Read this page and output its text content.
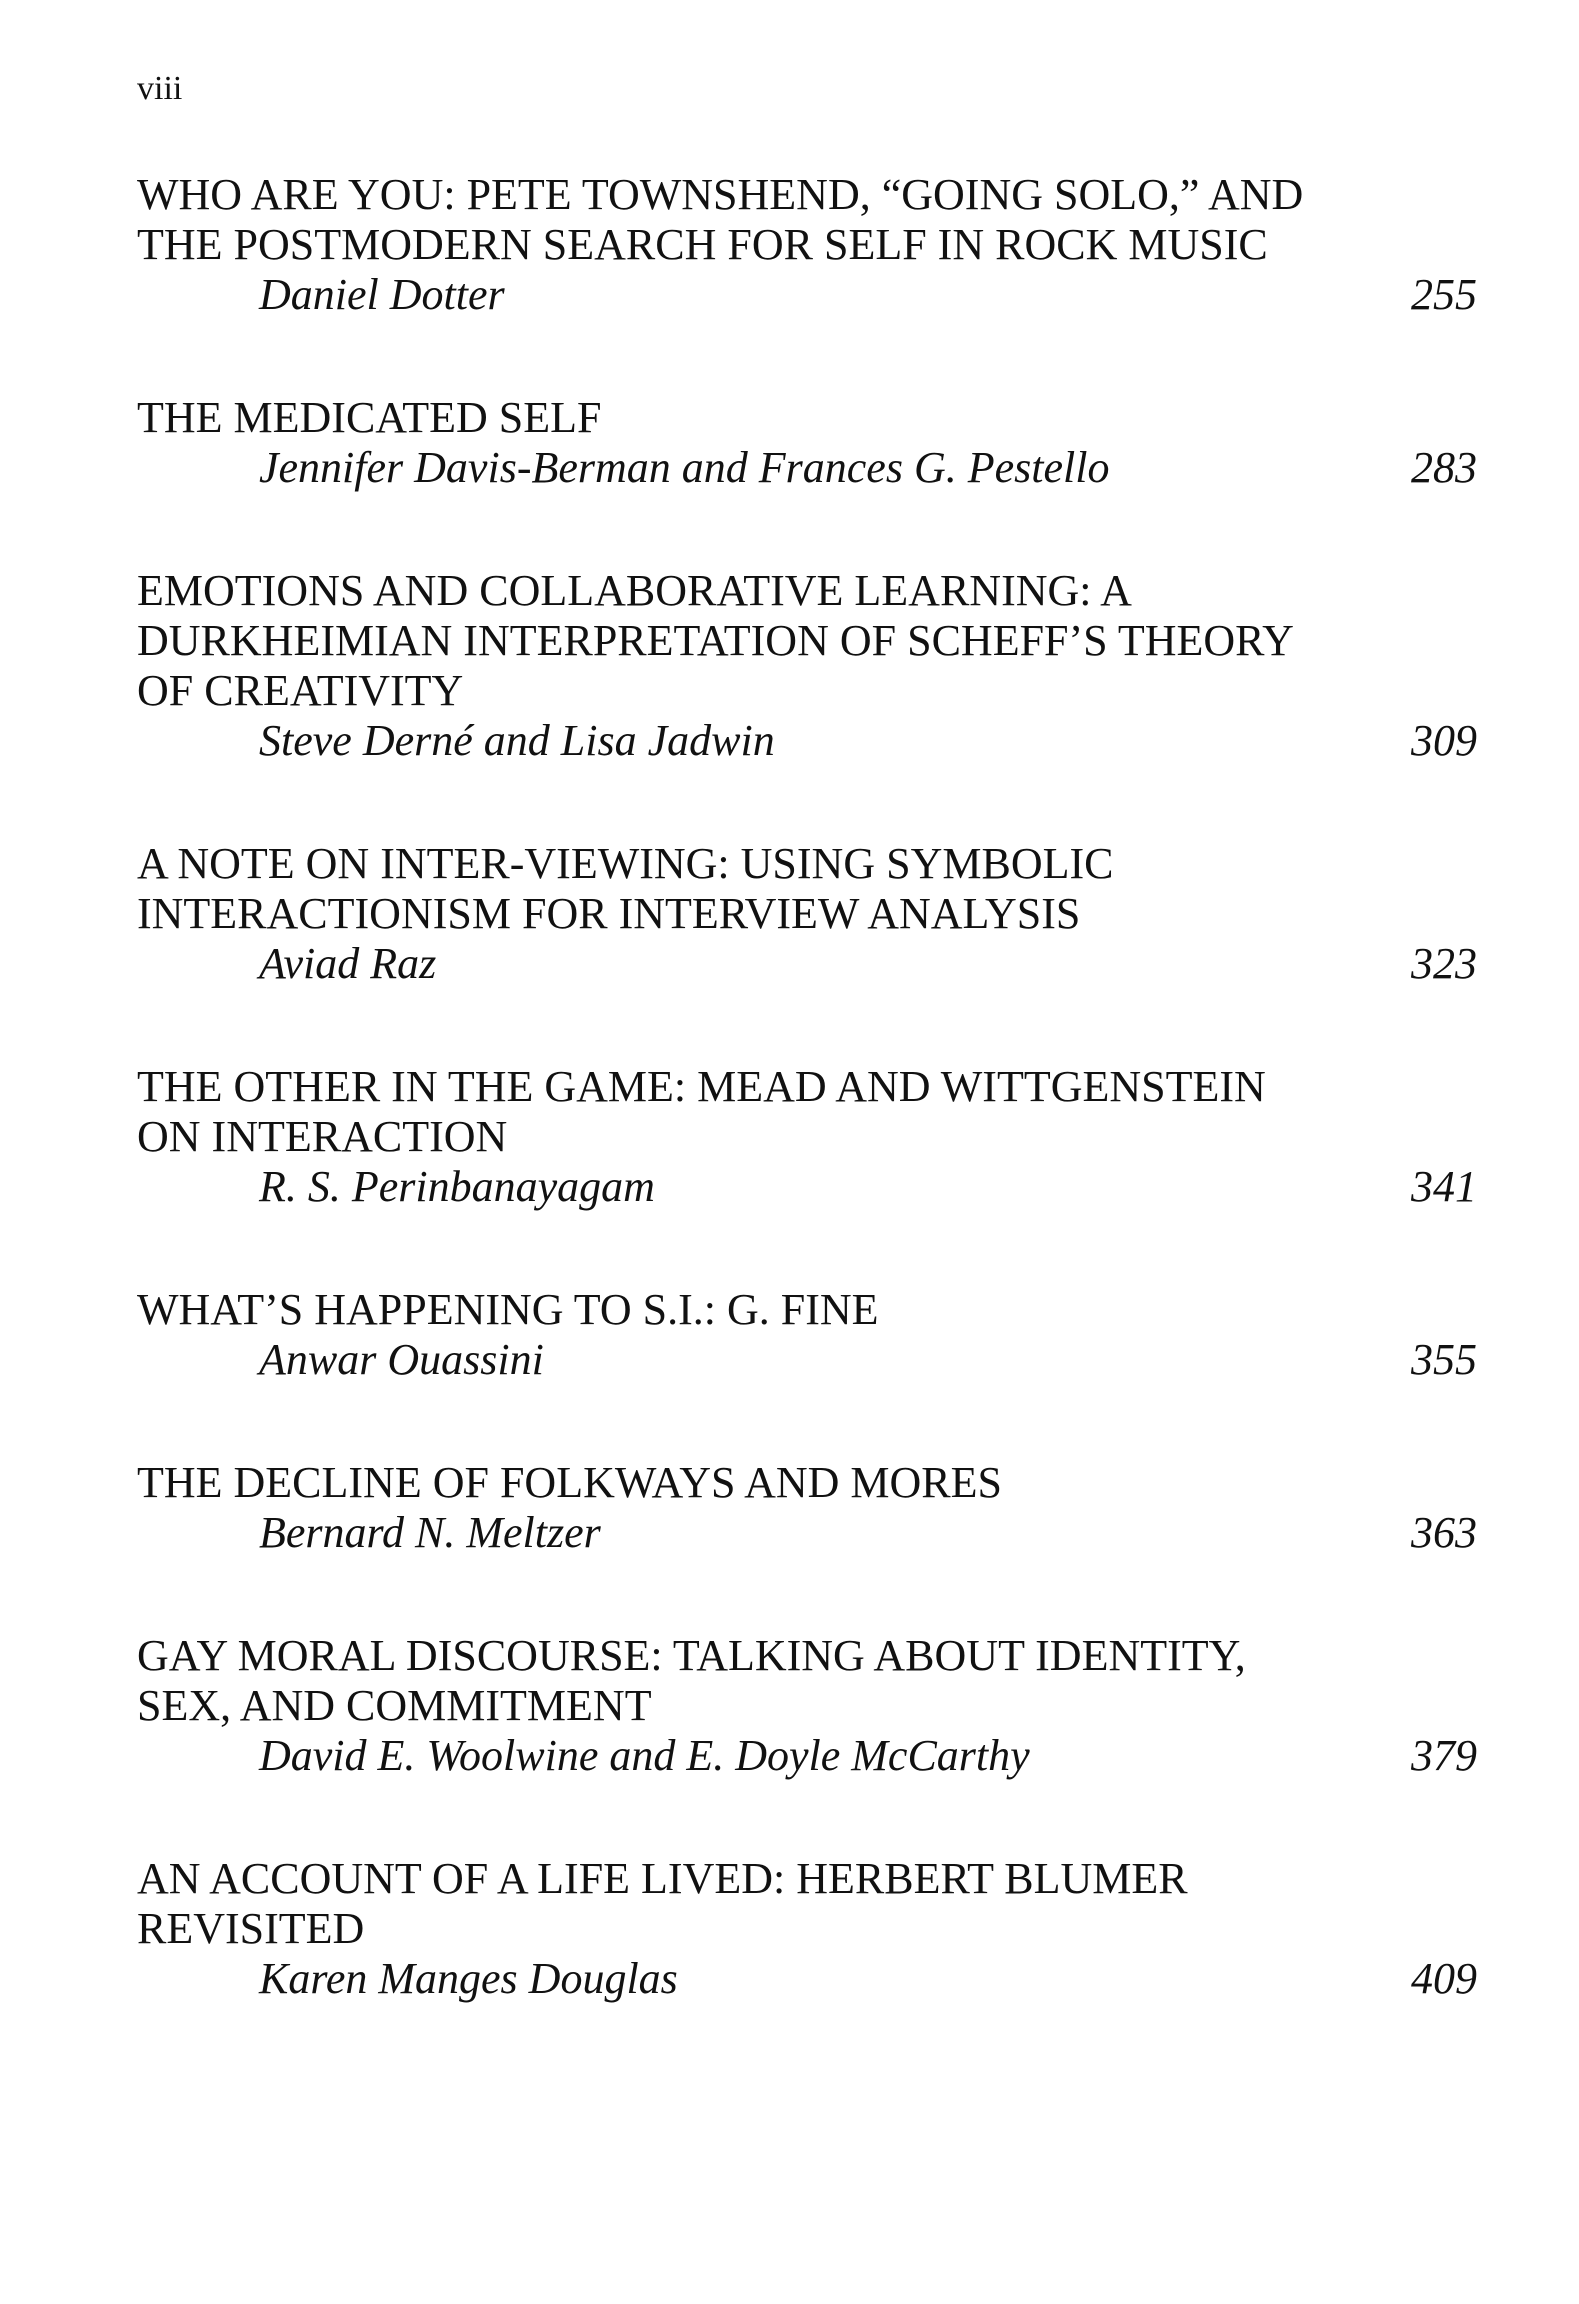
viii
WHO ARE YOU: PETE TOWNSHEND, “GOING SOLO,” AND
THE POSTMODERN SEARCH FOR SELF IN ROCK MUSIC
Daniel Dotter	255
THE MEDICATED SELF
Jennifer Davis-Berman and Frances G. Pestello	283
EMOTIONS AND COLLABORATIVE LEARNING: A
DURKHEIMIAN INTERPRETATION OF SCHEFF’S THEORY
OF CREATIVITY
Steve Derné and Lisa Jadwin	309
A NOTE ON INTER-VIEWING: USING SYMBOLIC
INTERACTIONISM FOR INTERVIEW ANALYSIS
Aviad Raz	323
THE OTHER IN THE GAME: MEAD AND WITTGENSTEIN
ON INTERACTION
R. S. Perinbanayagam	341
WHAT’S HAPPENING TO S.I.: G. FINE
Anwar Ouassini	355
THE DECLINE OF FOLKWAYS AND MORES
Bernard N. Meltzer	363
GAY MORAL DISCOURSE: TALKING ABOUT IDENTITY,
SEX, AND COMMITMENT
David E. Woolwine and E. Doyle McCarthy	379
AN ACCOUNT OF A LIFE LIVED: HERBERT BLUMER
REVISITED
Karen Manges Douglas	409
